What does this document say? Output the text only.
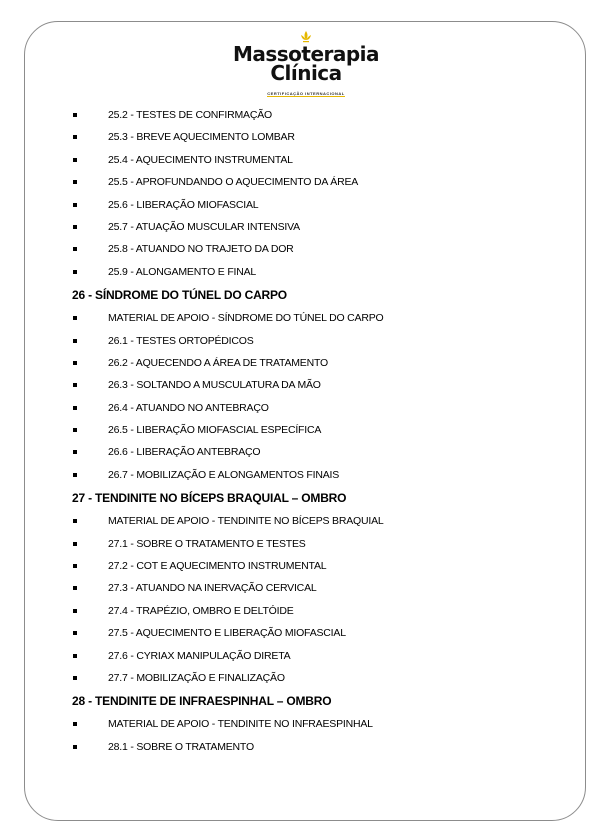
Massoterapia
Clínica
CERTIFICAÇÃO INTERNACIONAL
25.2 - TESTES DE CONFIRMAÇÃO
25.3 - BREVE AQUECIMENTO LOMBAR
25.4 - AQUECIMENTO INSTRUMENTAL
25.5 - APROFUNDANDO O AQUECIMENTO DA ÁREA
25.6 - LIBERAÇÃO MIOFASCIAL
25.7 - ATUAÇÃO MUSCULAR INTENSIVA
25.8 - ATUANDO NO TRAJETO DA DOR
25.9 - ALONGAMENTO E FINAL
26 - SÍNDROME DO TÚNEL DO CARPO
MATERIAL DE APOIO - SÍNDROME DO TÚNEL DO CARPO
26.1 - TESTES ORTOPÉDICOS
26.2 - AQUECENDO A ÁREA DE TRATAMENTO
26.3 - SOLTANDO A MUSCULATURA DA MÃO
26.4 - ATUANDO NO ANTEBRAÇO
26.5 - LIBERAÇÃO MIOFASCIAL ESPECÍFICA
26.6 - LIBERAÇÃO ANTEBRAÇO
26.7 - MOBILIZAÇÃO E ALONGAMENTOS FINAIS
27 - TENDINITE NO BÍCEPS BRAQUIAL – OMBRO
MATERIAL DE APOIO - TENDINITE NO BÍCEPS BRAQUIAL
27.1 - SOBRE O TRATAMENTO E TESTES
27.2 - COT E AQUECIMENTO INSTRUMENTAL
27.3 - ATUANDO NA INERVAÇÃO CERVICAL
27.4 - TRAPÉZIO, OMBRO E DELTÓIDE
27.5 - AQUECIMENTO E LIBERAÇÃO MIOFASCIAL
27.6 - CYRIAX MANIPULAÇÃO DIRETA
27.7 - MOBILIZAÇÃO E FINALIZAÇÃO
28 - TENDINITE DE INFRAESPINHAL – OMBRO
MATERIAL DE APOIO - TENDINITE NO INFRAESPINHAL
28.1 - SOBRE O TRATAMENTO
